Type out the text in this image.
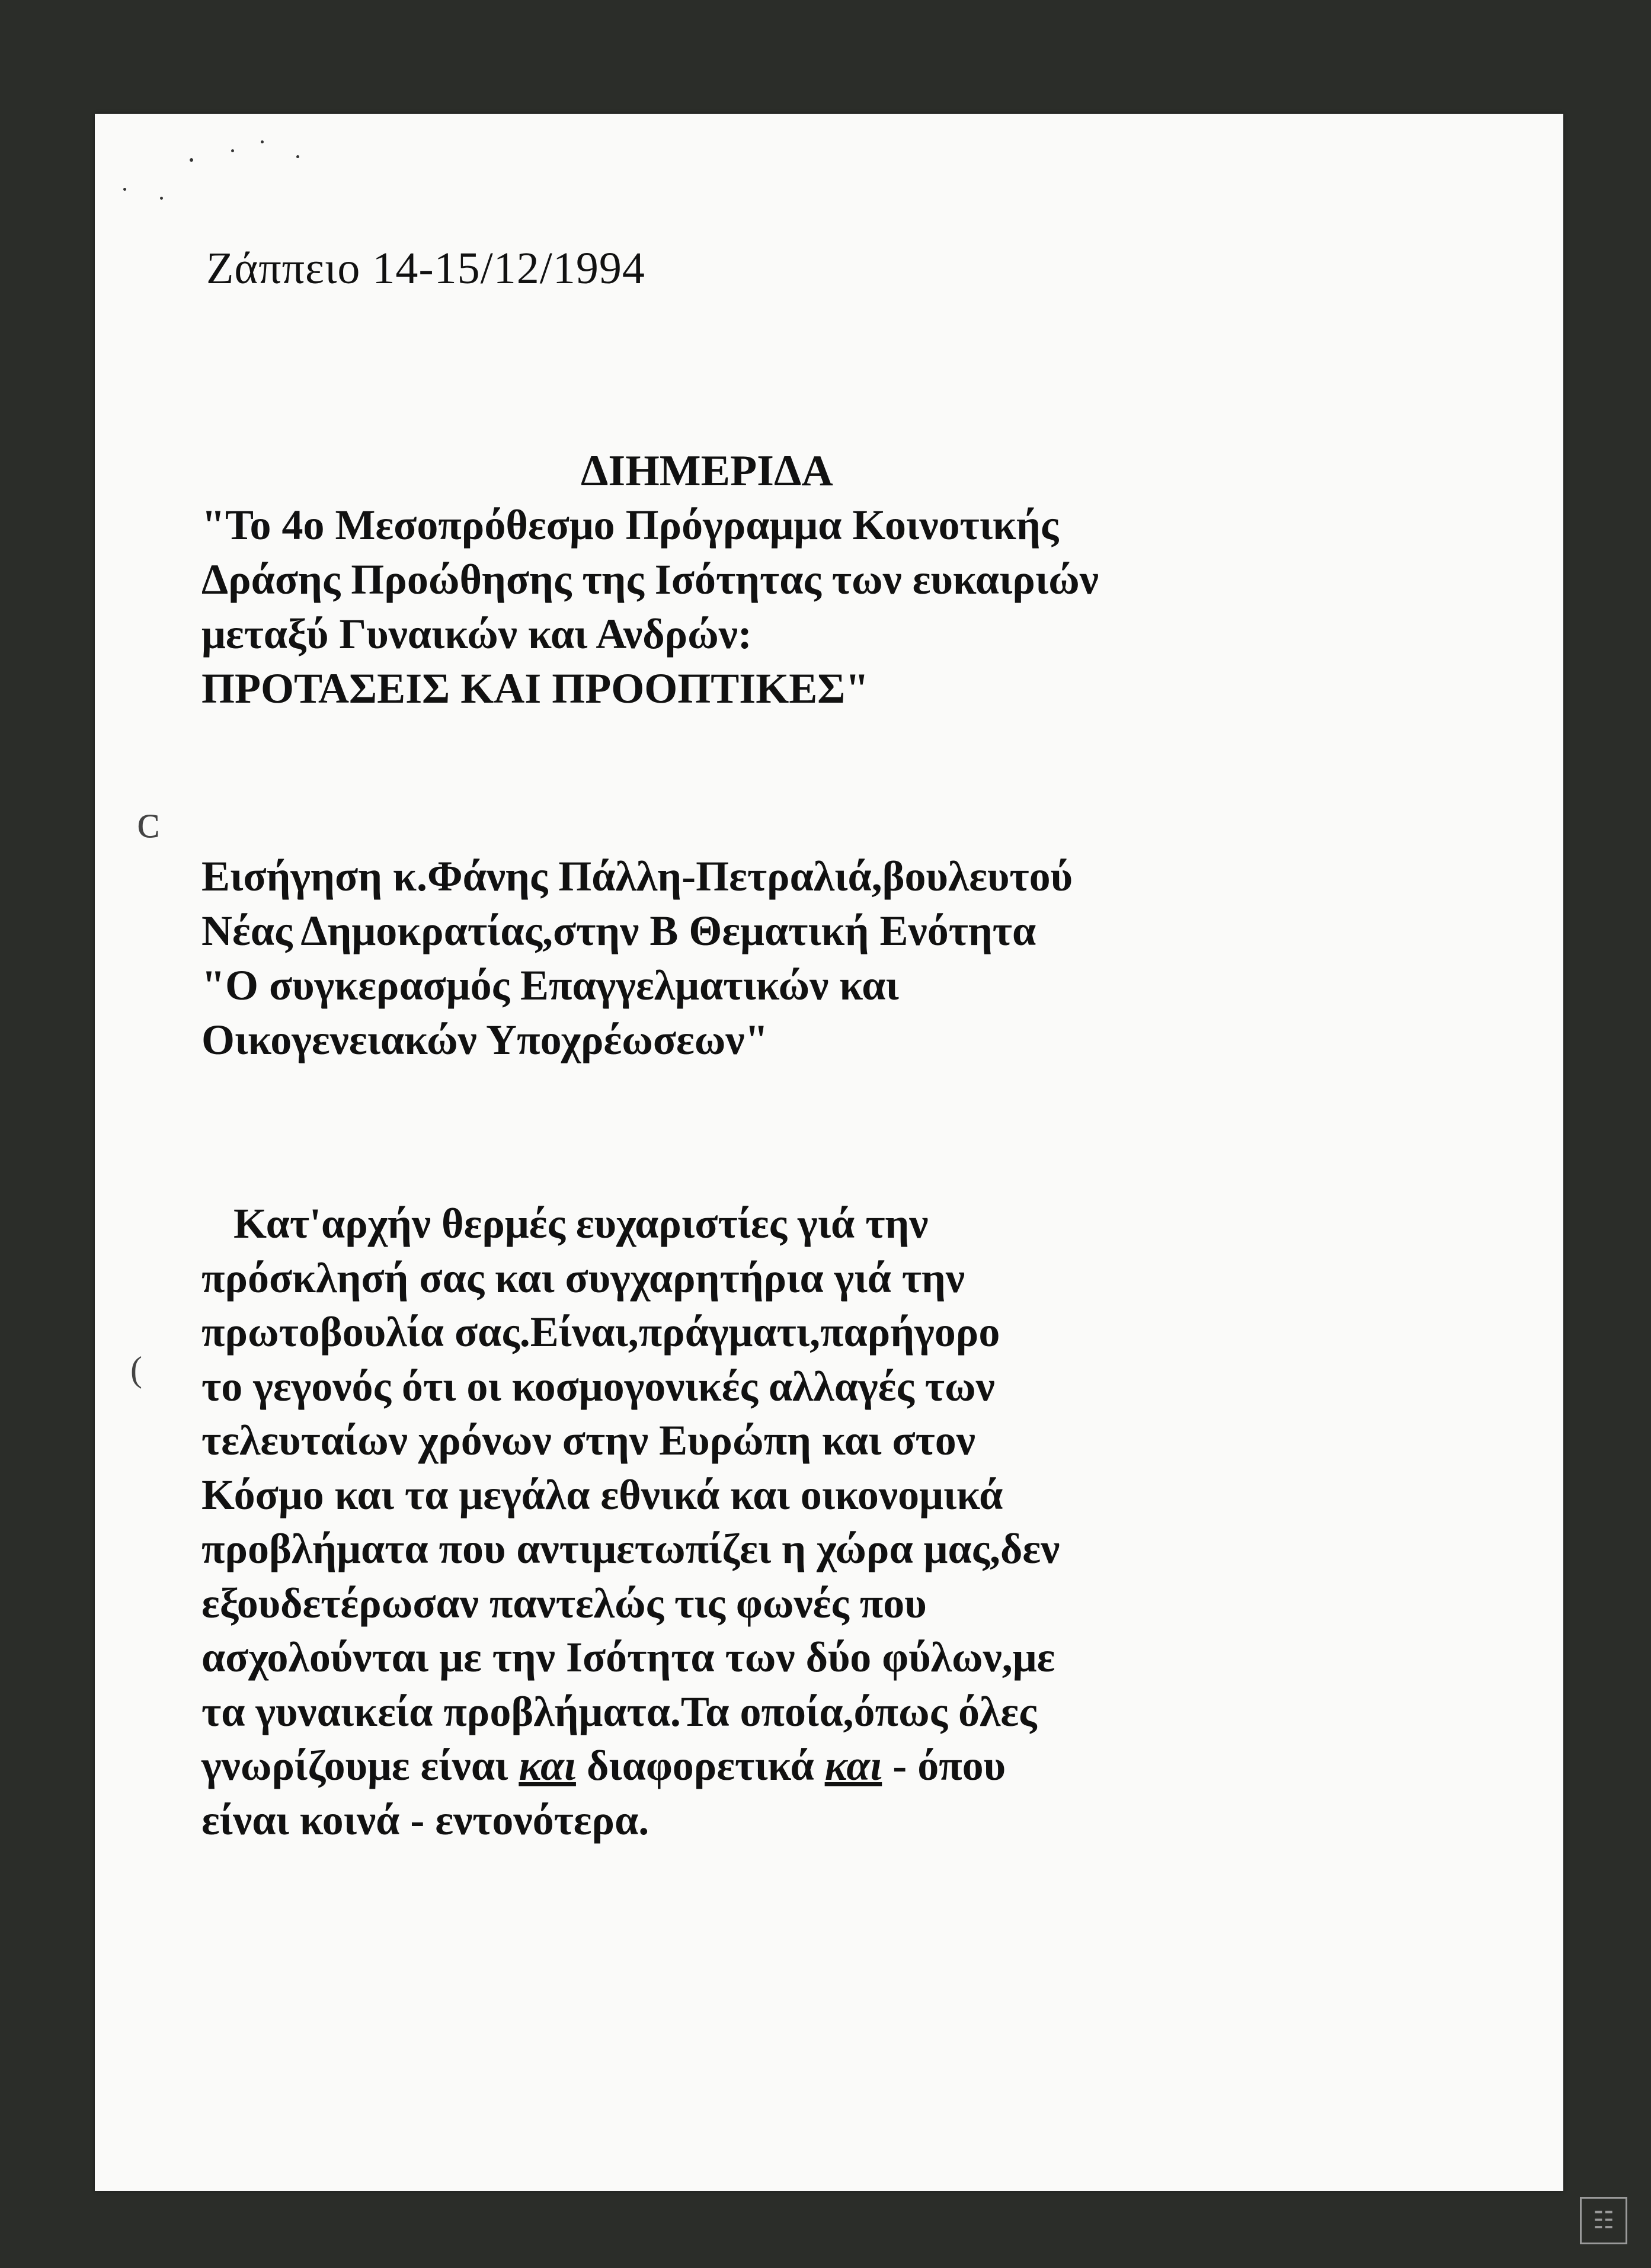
ᴄ
(
Ζάππειο 14-15/12/1994
ΔΙΗΜΕΡΙΔΑ
"Το 4ο Μεσοπρόθεσμο Πρόγραμμα Κοινοτικής
Δράσης Προώθησης της Ισότητας των ευκαιριών
μεταξύ Γυναικών και Ανδρών:
ΠΡΟΤΑΣΕΙΣ ΚΑΙ ΠΡΟΟΠΤΙΚΕΣ"
Εισήγηση κ.Φάνης Πάλλη-Πετραλιά,βουλευτού
Νέας Δημοκρατίας,στην Β Θεματική Ενότητα
"Ο συγκερασμός Επαγγελματικών και
Οικογενειακών Υποχρέωσεων"
Κατ'αρχήν θερμές ευχαριστίες γιά την
πρόσκλησή σας και συγχαρητήρια γιά την
πρωτοβουλία σας.Είναι,πράγματι,παρήγορο
το γεγονός ότι οι κοσμογονικές αλλαγές των
τελευταίων χρόνων στην Ευρώπη και στον
Κόσμο και τα μεγάλα εθνικά και οικονομικά
προβλήματα που αντιμετωπίζει η χώρα μας,δεν
εξουδετέρωσαν παντελώς τις φωνές που
ασχολούνται με την Ισότητα των δύο φύλων,με
τα γυναικεία προβλήματα.Τα οποία,όπως όλες
γνωρίζουμε είναι και διαφορετικά και - όπου
είναι κοινά - εντονότερα.
☷
